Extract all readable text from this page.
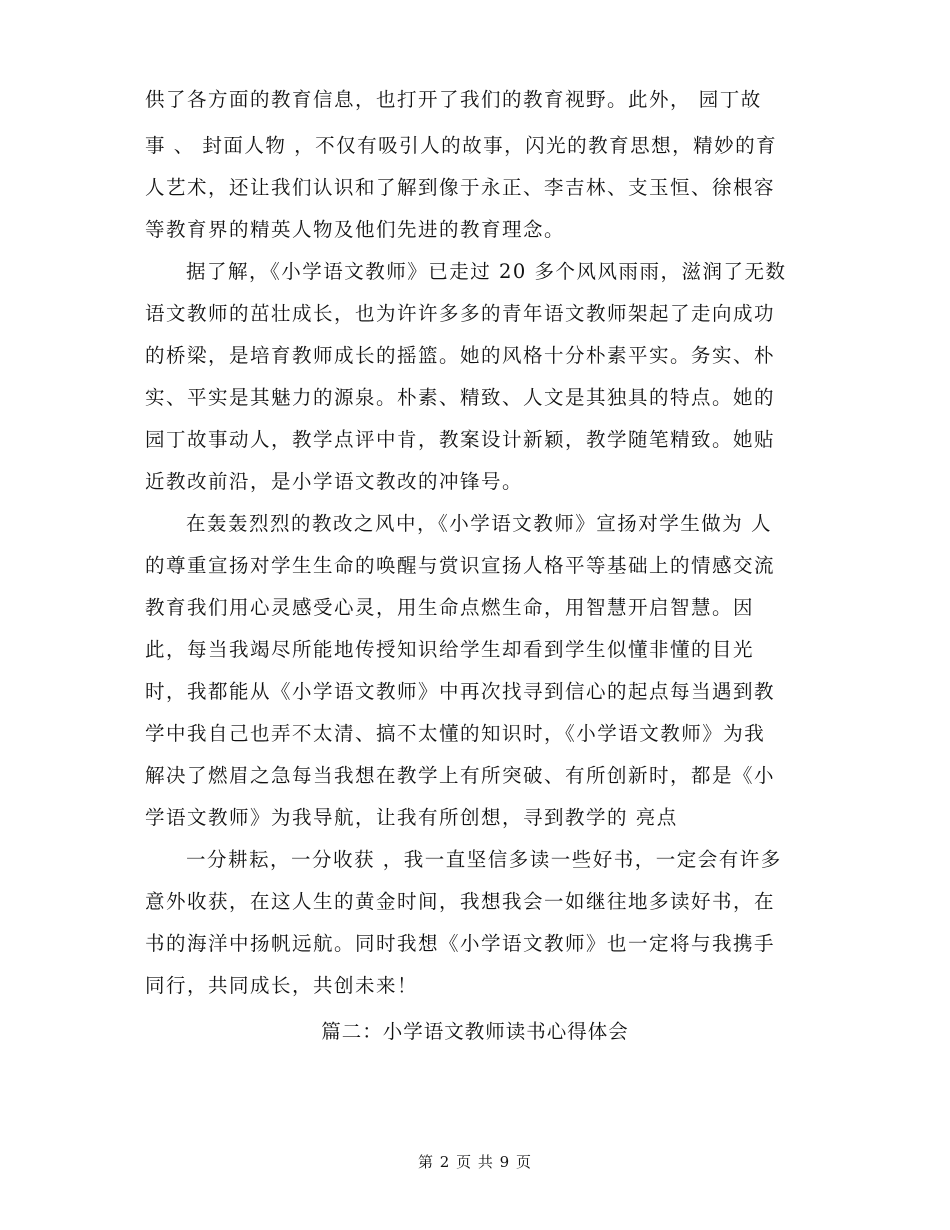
供了各方面的教育信息，也打开了我们的教育视野。此外， 园丁故
事 、 封面人物 ，不仅有吸引人的故事，闪光的教育思想，精妙的育
人艺术，还让我们认识和了解到像于永正、李吉林、支玉恒、徐根容
等教育界的精英人物及他们先进的教育理念。
据了解，《小学语文教师》已走过 20 多个风风雨雨，滋润了无数
语文教师的茁壮成长，也为许许多多的青年语文教师架起了走向成功
的桥梁，是培育教师成长的摇篮。她的风格十分朴素平实。务实、朴
实、平实是其魅力的源泉。朴素、精致、人文是其独具的特点。她的
园丁故事动人，教学点评中肯，教案设计新颖，教学随笔精致。她贴
近教改前沿，是小学语文教改的冲锋号。
在轰轰烈烈的教改之风中，《小学语文教师》宣扬对学生做为 人
的尊重宣扬对学生生命的唤醒与赏识宣扬人格平等基础上的情感交流
教育我们用心灵感受心灵，用生命点燃生命，用智慧开启智慧。因
此，每当我竭尽所能地传授知识给学生却看到学生似懂非懂的目光
时，我都能从《小学语文教师》中再次找寻到信心的起点每当遇到教
学中我自己也弄不太清、搞不太懂的知识时，《小学语文教师》为我
解决了燃眉之急每当我想在教学上有所突破、有所创新时，都是《小
学语文教师》为我导航，让我有所创想，寻到教学的 亮点
一分耕耘，一分收获 ，我一直坚信多读一些好书，一定会有许多
意外收获，在这人生的黄金时间，我想我会一如继往地多读好书，在
书的海洋中扬帆远航。同时我想《小学语文教师》也一定将与我携手
同行，共同成长，共创未来！
篇二：小学语文教师读书心得体会
第 2 页 共 9 页
